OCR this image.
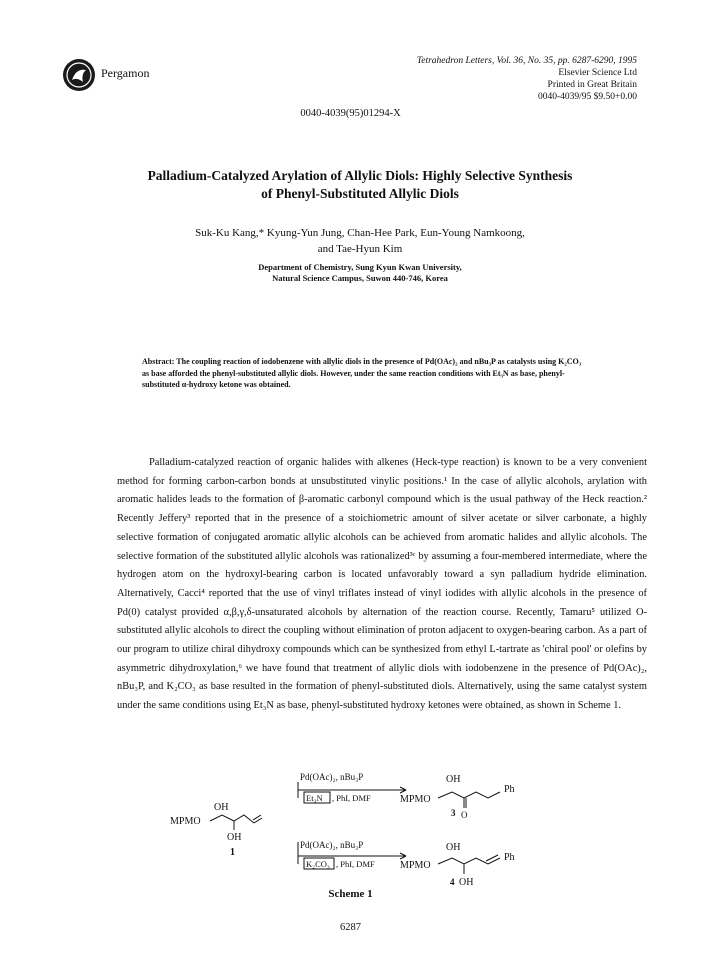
Pergamon
Tetrahedron Letters, Vol. 36, No. 35, pp. 6287-6290, 1995
Elsevier Science Ltd
Printed in Great Britain
0040-4039/95 $9.50+0.00
0040-4039(95)01294-X
Palladium-Catalyzed Arylation of Allylic Diols: Highly Selective Synthesis
of Phenyl-Substituted Allylic Diols
Suk-Ku Kang,* Kyung-Yun Jung, Chan-Hee Park, Eun-Young Namkoong,
and Tae-Hyun Kim
Department of Chemistry, Sung Kyun Kwan University,
Natural Science Campus, Suwon 440-746, Korea
Abstract: The coupling reaction of iodobenzene with allylic diols in the presence of Pd(OAc)₂ and nBu₃P as catalysts using K₂CO₃ as base afforded the phenyl-substituted allylic diols. However, under the same reaction conditions with Et₃N as base, phenyl-substituted α-hydroxy ketone was obtained.

Palladium-catalyzed reaction of organic halides with alkenes (Heck-type reaction) is known to be a very convenient method for forming carbon-carbon bonds at unsubstituted vinylic positions.¹ In the case of allylic alcohols, arylation with aromatic halides leads to the formation of β-aromatic carbonyl compound which is the usual pathway of the Heck reaction.² Recently Jeffery³ reported that in the presence of a stoichiometric amount of silver acetate or silver carbonate, a highly selective formation of conjugated aromatic allylic alcohols can be achieved from aromatic halides and allylic alcohols. The selective formation of the substituted allylic alcohols was rationalized³ᶜ by assuming a four-membered intermediate, where the hydrogen atom on the hydroxyl-bearing carbon is located unfavorably toward a syn palladium hydride elimination. Alternatively, Cacci⁴ reported that the use of vinyl triflates instead of vinyl iodides with allylic alcohols in the presence of Pd(0) catalyst provided α,β,γ,δ-unsaturated alcohols by alternation of the reaction course. Recently, Tamaru⁵ utilized O-substituted allylic alcohols to direct the coupling without elimination of proton adjacent to oxygen-bearing carbon. As a part of our program to utilize chiral dihydroxy compounds which can be synthesized from ethyl L-tartrate as 'chiral pool' or olefins by asymmetric dihydroxylation,⁶ we have found that treatment of allylic diols with iodobenzene in the presence of Pd(OAc)₂, nBu₃P, and K₂CO₃ as base resulted in the formation of phenyl-substituted diols. Alternatively, using the same catalyst system under the same conditions using Et₃N as base, phenyl-substituted hydroxy ketones were obtained, as shown in Scheme 1.

MPMO
OH
OH
1
Pd(OAc)₂, nBu₃P
Et₃N , PhI, DMF
Pd(OAc)₂, nBu₃P
K₂CO₃ , PhI, DMF
MPMO
OH
Ph
O
3
MPMO
OH
Ph
OH
4
Scheme 1
6287
